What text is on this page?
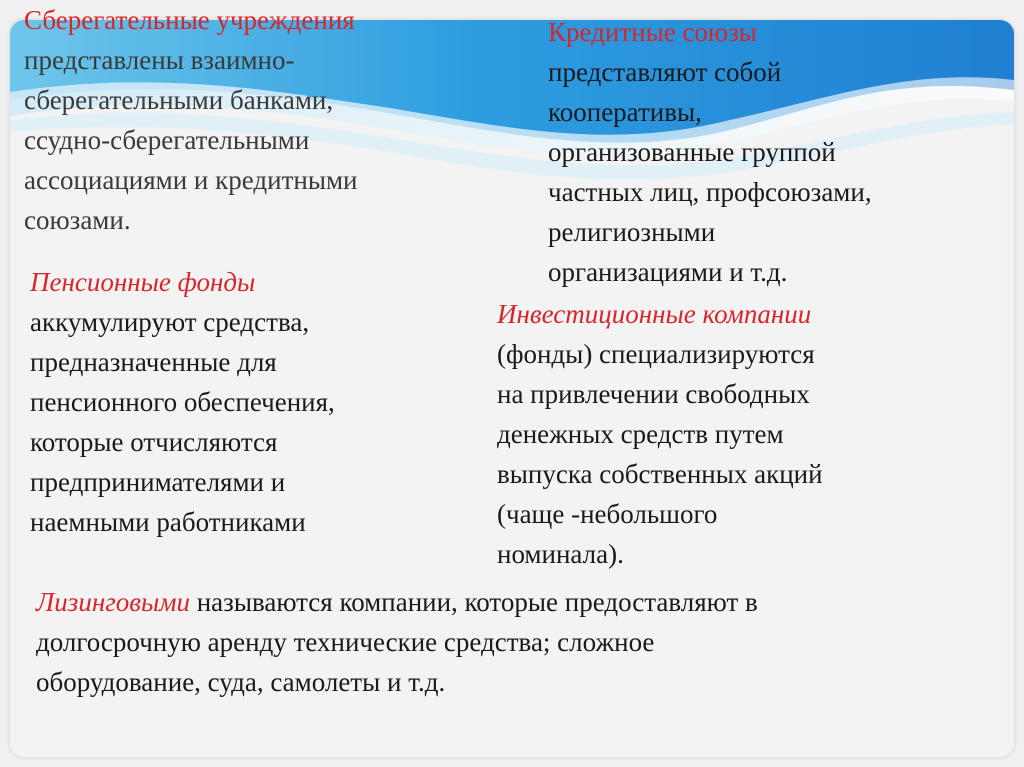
Сберегательные учреждения
представлены взаимно-
сберегательными банками,
ссудно-сберегательными
ассоциациями и кредитными
союзами.
Кредитные союзы
представляют собой
кооперативы,
организованные группой
частных лиц, профсоюзами,
религиозными
организациями и т.д.
Пенсионные фонды
аккумулируют средства,
предназначенные для
пенсионного обеспечения,
которые отчисляются
предпринимателями и
наемными работниками
Инвестиционные компании
(фонды) специализируются
на привлечении свободных
денежных средств путем
выпуска собственных акций
(чаще -небольшого
номинала).
Лизинговыми называются компании, которые предоставляют в
долгосрочную аренду технические средства; сложное
оборудование, суда, самолеты и т.д.
